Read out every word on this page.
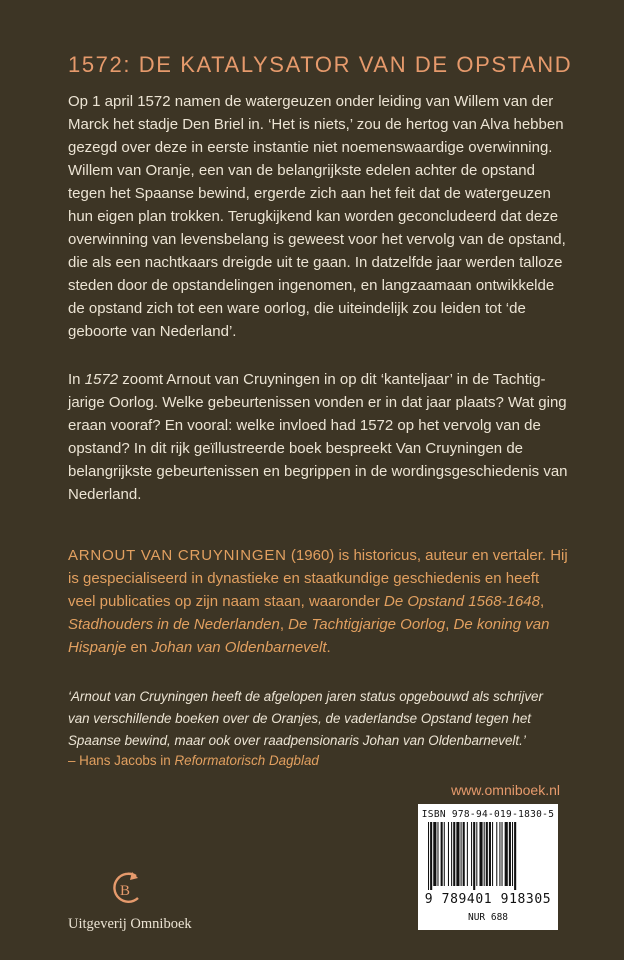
1572: DE KATALYSATOR VAN DE OPSTAND

Op 1 april 1572 namen de watergeuzen onder leiding van Willem van der Marck het stadje Den Briel in. ‘Het is niets,’ zou de hertog van Alva hebben gezegd over deze in eerste instantie niet noemenswaardige overwinning. Willem van Oranje, een van de belangrijkste edelen achter de opstand tegen het Spaanse bewind, ergerde zich aan het feit dat de watergeuzen hun eigen plan trokken. Terugkijkend kan worden geconcludeerd dat deze overwinning van levensbelang is geweest voor het vervolg van de opstand, die als een nachtkaars dreigde uit te gaan. In datzelfde jaar werden talloze steden door de opstandelingen ingenomen, en langzaamaan ontwikkelde de opstand zich tot een ware oorlog, die uiteindelijk zou leiden tot ‘de geboorte van Nederland’.

In 1572 zoomt Arnout van Cruyningen in op dit ‘kanteljaar’ in de Tachtigjarige Oorlog. Welke gebeurtenissen vonden er in dat jaar plaats? Wat ging eraan vooraf? En vooral: welke invloed had 1572 op het vervolg van de opstand? In dit rijk geïllustreerde boek bespreekt Van Cruyningen de belangrijkste gebeurtenissen en begrippen in de wordingsgeschiedenis van Nederland.

ARNOUT VAN CRUYNINGEN (1960) is historicus, auteur en vertaler. Hij is gespecialiseerd in dynastieke en staatkundige geschiedenis en heeft veel publicaties op zijn naam staan, waaronder De Opstand 1568-1648, Stadhouders in de Nederlanden, De Tachtigjarige Oorlog, De koning van Hispanje en Johan van Oldenbarnevelt.

‘Arnout van Cruyningen heeft de afgelopen jaren status opgebouwd als schrijver van verschillende boeken over de Oranjes, de vaderlandse Opstand tegen het Spaanse bewind, maar ook over raadpensionaris Johan van Oldenbarnevelt.’

– Hans Jacobs in Reformatorisch Dagblad

www.omniboek.nl
ISBN 978-94-019-1830-5
9 789401 918305
NUR 688
B
Uitgeverij Omniboek
